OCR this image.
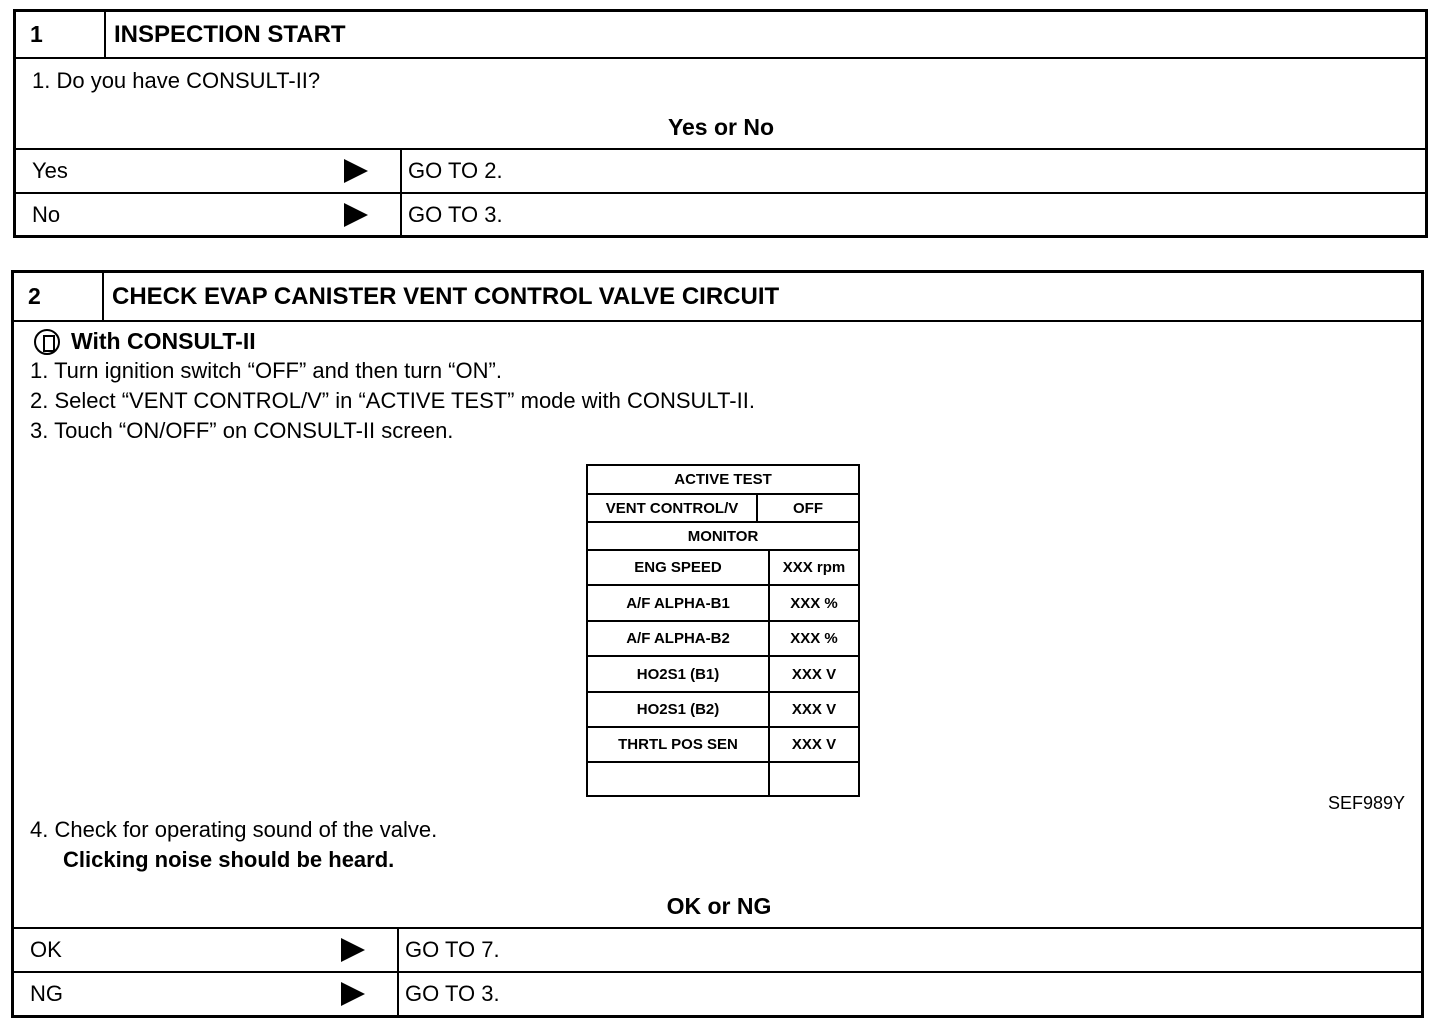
1	INSPECTION START
1. Do you have CONSULT-II?
Yes or No
Yes	GO TO 2.
No	GO TO 3.
2	CHECK EVAP CANISTER VENT CONTROL VALVE CIRCUIT
With CONSULT-II
1. Turn ignition switch “OFF” and then turn “ON”.
2. Select “VENT CONTROL/V” in “ACTIVE TEST” mode with CONSULT-II.
3. Touch “ON/OFF” on CONSULT-II screen.
ACTIVE TEST
VENT CONTROL/V	OFF
MONITOR
ENG SPEED	XXX rpm
A/F ALPHA-B1	XXX %
A/F ALPHA-B2	XXX %
HO2S1 (B1)	XXX V
HO2S1 (B2)	XXX V
THRTL POS SEN	XXX V
SEF989Y
4. Check for operating sound of the valve.
Clicking noise should be heard.
OK or NG
OK	GO TO 7.
NG	GO TO 3.
